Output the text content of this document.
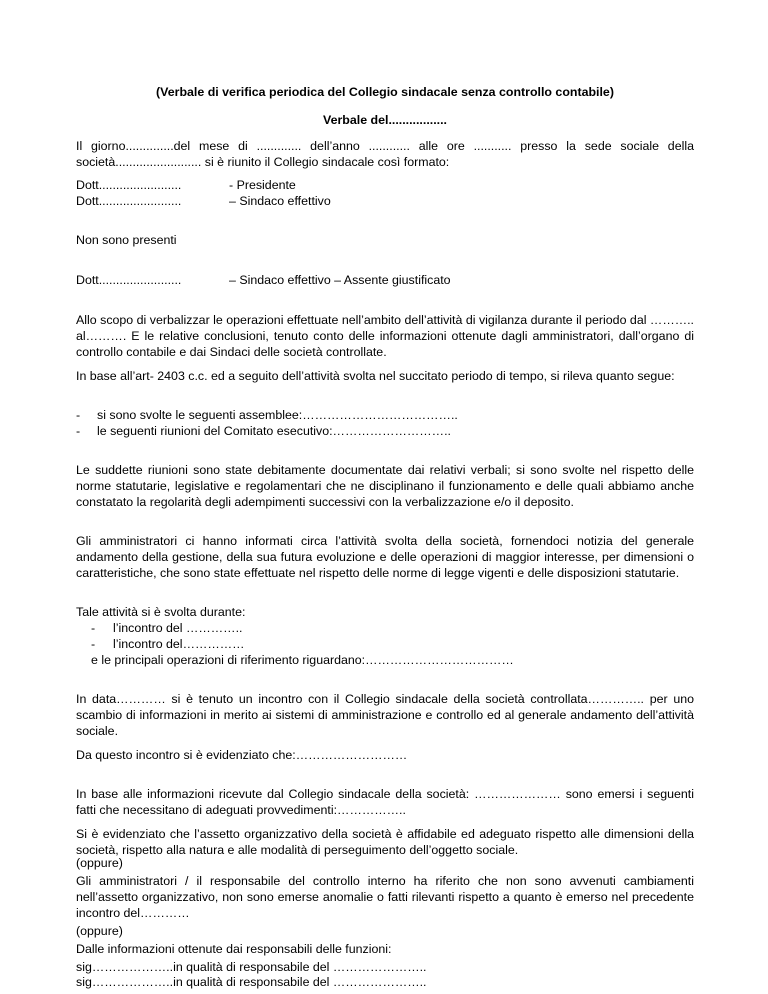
(Verbale di verifica periodica del Collegio sindacale senza controllo contabile)
Verbale del.................
Il giorno..............del mese di ............. dell’anno ............ alle ore ........... presso la sede sociale della società......................... si è riunito il Collegio sindacale così formato:
Dott........................	- Presidente
Dott........................	– Sindaco effettivo
Non sono presenti
Dott........................	– Sindaco effettivo – Assente giustificato
Allo scopo di verbalizzar le operazioni effettuate nell’ambito dell’attività di vigilanza durante il periodo dal ……….. al………. E le relative conclusioni, tenuto conto delle informazioni ottenute dagli amministratori, dall’organo di controllo contabile e dai Sindaci delle società controllate.
In base all’art- 2403 c.c. ed a seguito dell’attività svolta nel succitato periodo di tempo, si rileva quanto segue:
- si sono svolte le seguenti assemblee:………………………………..
- le seguenti riunioni del Comitato esecutivo:………………………..
Le suddette riunioni sono state debitamente documentate dai relativi verbali; si sono svolte nel rispetto delle norme statutarie, legislative e regolamentari che ne disciplinano il funzionamento e delle quali abbiamo anche constatato la regolarità degli adempimenti successivi con la verbalizzazione e/o il deposito.
Gli amministratori ci hanno informati circa l’attività svolta della società, fornendoci notizia del generale andamento della gestione, della sua futura evoluzione e delle operazioni di maggior interesse, per dimensioni o caratteristiche, che sono state effettuate nel rispetto delle norme di legge vigenti e delle disposizioni statutarie.
Tale attività si è svolta durante:
- l’incontro del …………..
- l’incontro del……………
e le principali operazioni di riferimento riguardano:………………………………
In data………… si è tenuto un incontro con il Collegio sindacale della società controllata………….. per uno scambio di informazioni in merito ai sistemi di amministrazione e controllo ed al generale andamento dell’attività sociale.
Da questo incontro si è evidenziato che:………………………
In base alle informazioni ricevute dal Collegio sindacale della società: ………………… sono emersi i seguenti fatti che necessitano di adeguati provvedimenti:……………..
Si è evidenziato che l’assetto organizzativo della società è affidabile ed adeguato rispetto alle dimensioni della società, rispetto alla natura e alle modalità di perseguimento dell’oggetto sociale.
(oppure)
Gli amministratori / il responsabile del controllo interno ha riferito che non sono avvenuti cambiamenti nell’assetto organizzativo, non sono emerse anomalie o fatti rilevanti rispetto a quanto è emerso nel precedente incontro del…………
(oppure)
Dalle informazioni ottenute dai responsabili delle funzioni:
sig………………..in qualità di responsabile del …………………..
sig………………..in qualità di responsabile del …………………..
